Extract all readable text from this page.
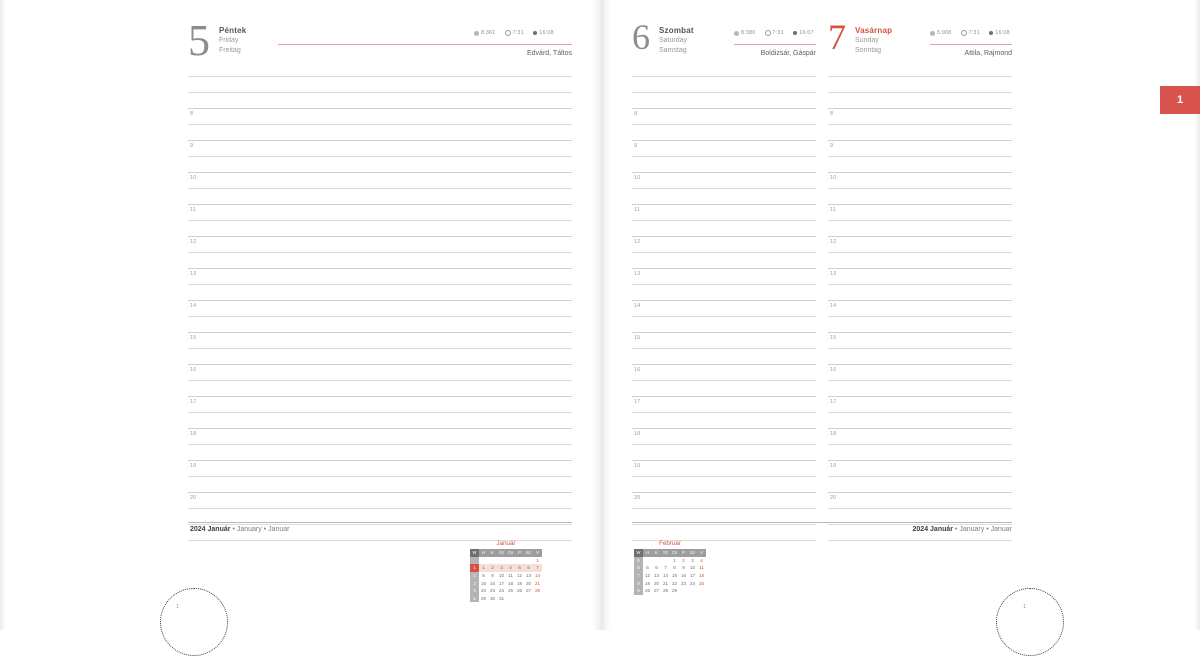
5 Péntek
Friday
Freitag
8:361	7:31	16:08
Edvárd, Táltos
8
9
10
11
12
13
14
15
16
17
18
19
20
2024 Január • January • Januar
Január
W	H	K	Sz	Cs	P	Sz	V
							1
1	1	2	3	4	5	6	7
2	8	9	10	11	12	13	14
3	15	16	17	18	19	20	21
4	22	23	24	25	26	27	28
5	29	30	31				
1
6 Szombat
Saturday
Samstag
8:380	7:31	16:07
Boldizsár, Gáspár 7 Vasárnap
Sunday
Sonntag
5:008	7:31	16:08
Attila, Rajmond
8
9
10
11
12
13
14
15
16
17
18
19
20
8
9
10
11
12
13
14
15
16
17
18
19
20
2024 Január • January • Januar
Február
W	H	K	Sz	Cs	P	Sz	V
5				1	2	3	4
6	5	6	7	8	9	10	11
7	12	13	14	15	16	17	18
8	19	20	21	22	23	24	25
9	26	27	28	29			
1
1
